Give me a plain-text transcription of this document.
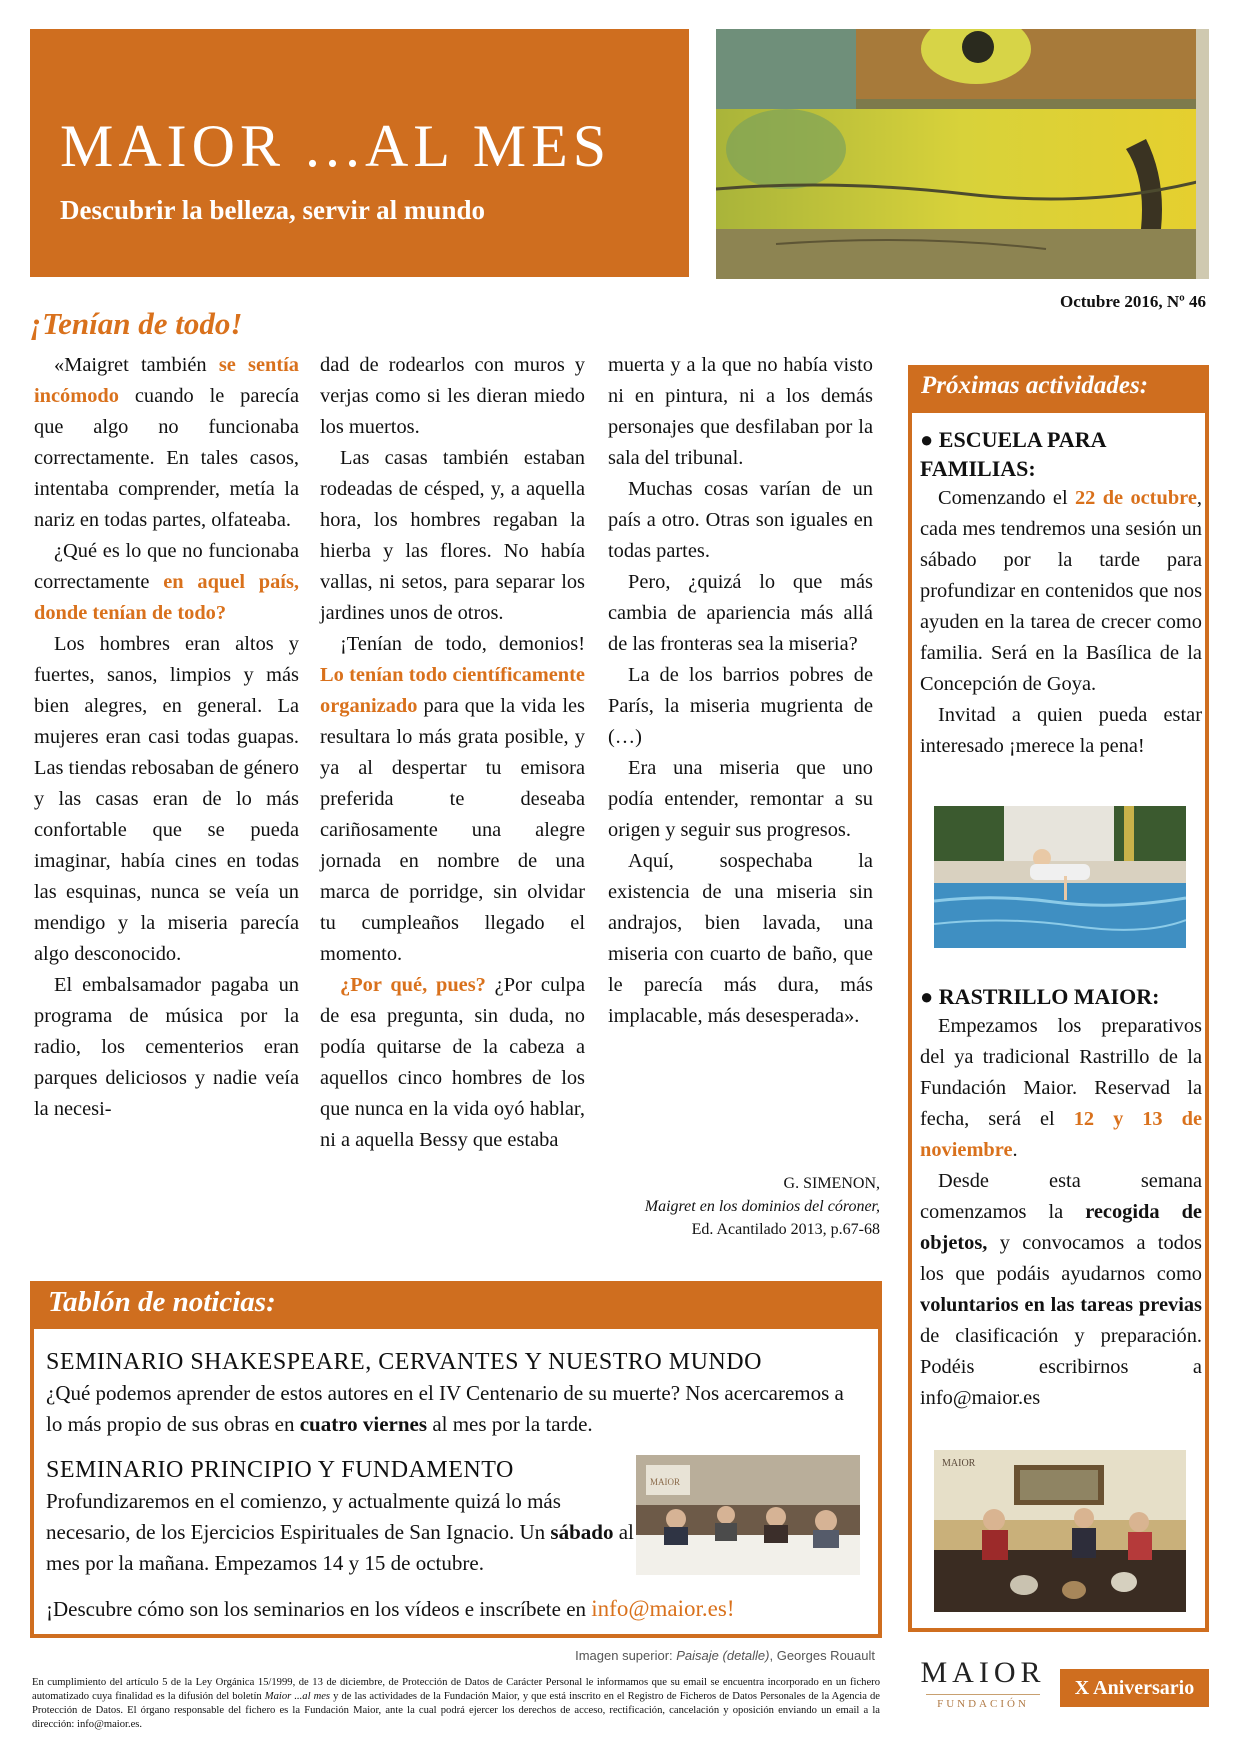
MAIOR ...AL MES
Descubrir la belleza, servir al mundo
Octubre 2016, Nº 46
¡Tenían de todo!

«Maigret también se sentía incómodo cuando le parecía que algo no funcionaba correctamente. En tales casos, intentaba comprender, metía la nariz en todas partes, olfateaba.

¿Qué es lo que no funcionaba correctamente en aquel país, donde tenían de todo?

Los hombres eran altos y fuertes, sanos, limpios y más bien alegres, en general. La mujeres eran casi todas guapas. Las tiendas rebosaban de género y las casas eran de lo más confortable que se pueda imaginar, había cines en todas las esquinas, nunca se veía un mendigo y la miseria parecía algo desconocido.

El embalsamador pagaba un programa de música por la radio, los cementerios eran parques deliciosos y nadie veía la necesi-

dad de rodearlos con muros y verjas como si les dieran miedo los muertos.

Las casas también estaban rodeadas de césped, y, a aquella hora, los hombres regaban la hierba y las flores. No había vallas, ni setos, para separar los jardines unos de otros.

¡Tenían de todo, demonios! Lo tenían todo científicamente organizado para que la vida les resultara lo más grata posible, y ya al despertar tu emisora preferida te deseaba cariñosamente una alegre jornada en nombre de una marca de porridge, sin olvidar tu cumpleaños llegado el momento.

¿Por qué, pues? ¿Por culpa de esa pregunta, sin duda, no podía quitarse de la cabeza a aquellos cinco hombres de los que nunca en la vida oyó hablar, ni a aquella Bessy que estaba

muerta y a la que no había visto ni en pintura, ni a los demás personajes que desfilaban por la sala del tribunal.

Muchas cosas varían de un país a otro. Otras son iguales en todas partes.

Pero, ¿quizá lo que más cambia de apariencia más allá de las fronteras sea la miseria?

La de los barrios pobres de París, la miseria mugrienta de (…)

Era una miseria que uno podía entender, remontar a su origen y seguir sus progresos.

Aquí, sospechaba la existencia de una miseria sin andrajos, bien lavada, una miseria con cuarto de baño, que le parecía más dura, más implacable, más desesperada».

G. SIMENON,
Maigret en los dominios del córoner,
Ed. Acantilado 2013, p.67-68
Próximas actividades:
● ESCUELA PARA FAMILIAS:

Comenzando el 22 de octubre, cada mes tendremos una sesión un sábado por la tarde para profundizar en contenidos que nos ayuden en la tarea de crecer como familia. Será en la Basílica de la Concepción de Goya.

Invitad a quien pueda estar interesado ¡merece la pena!

● RASTRILLO MAIOR:

Empezamos los preparativos del ya tradicional Rastrillo de la Fundación Maior. Reservad la fecha, será el 12 y 13 de noviembre.

Desde esta semana comenzamos la recogida de objetos, y convocamos a todos los que podáis ayudarnos como voluntarios en las tareas previas de clasificación y preparación. Podéis escribirnos a info@maior.es

MAIOR
Tablón de noticias:
SEMINARIO SHAKESPEARE, CERVANTES Y NUESTRO MUNDO
¿Qué podemos aprender de estos autores en el IV Centenario de su muerte? Nos acercaremos a lo más propio de sus obras en cuatro viernes al mes por la tarde.
SEMINARIO PRINCIPIO Y FUNDAMENTO
Profundizaremos en el comienzo, y actualmente quizá lo más necesario, de los Ejercicios Espirituales de San Ignacio. Un sábado al mes por la mañana. Empezamos 14 y 15 de octubre.
MAIOR
¡Descubre cómo son los seminarios en los vídeos e inscríbete en info@maior.es!
Imagen superior: Paisaje (detalle), Georges Rouault
En cumplimiento del artículo 5 de la Ley Orgánica 15/1999, de 13 de diciembre, de Protección de Datos de Carácter Personal le informamos que su email se encuentra incorporado en un fichero automatizado cuya finalidad es la difusión del boletín Maior ...al mes y de las actividades de la Fundación Maior, y que está inscrito en el Registro de Ficheros de Datos Personales de la Agencia de Protección de Datos. El órgano responsable del fichero es la Fundación Maior, ante la cual podrá ejercer los derechos de acceso, rectificación, cancelación y oposición enviando un email a la dirección: info@maior.es.
MAIOR
FUNDACIÓN
X Aniversario
